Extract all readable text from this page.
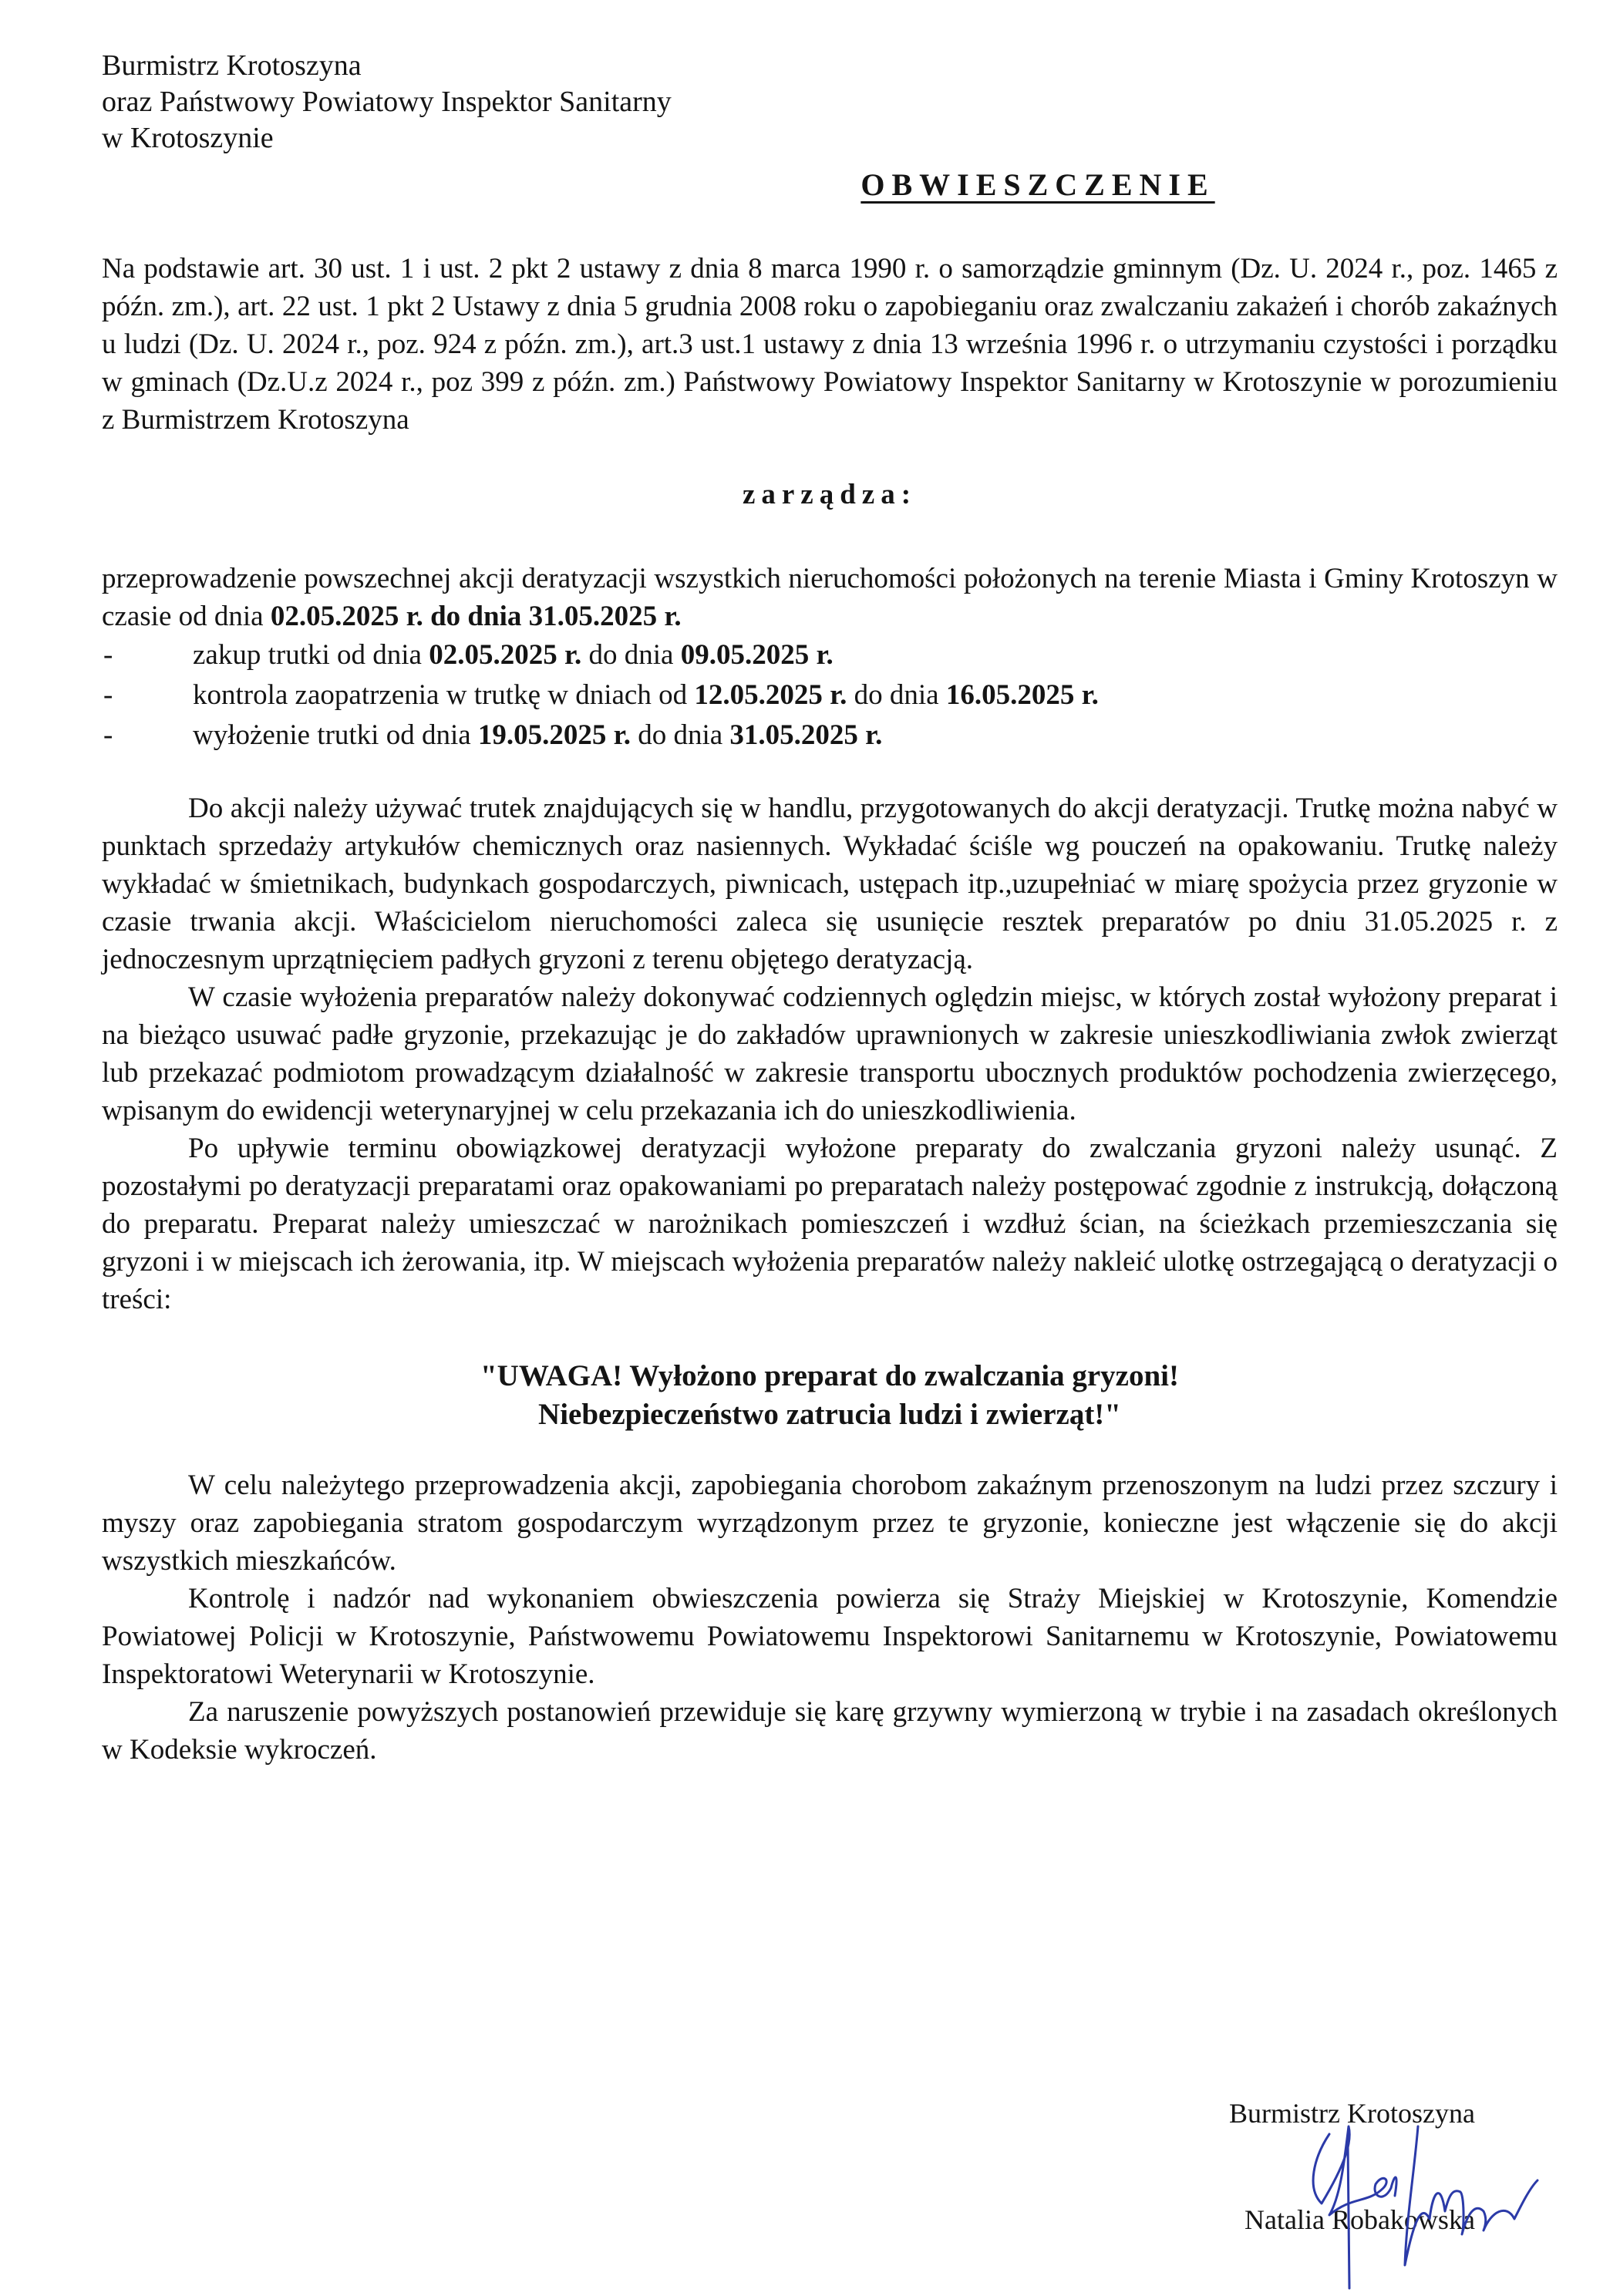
Burmistrz Krotoszyna
oraz Państwowy Powiatowy Inspektor Sanitarny
w Krotoszynie
OBWIESZCZENIE

Na podstawie art. 30 ust. 1 i ust. 2 pkt 2 ustawy z dnia 8 marca 1990 r. o samorządzie gminnym (Dz. U. 2024 r., poz. 1465 z późn. zm.), art. 22 ust. 1 pkt 2 Ustawy z dnia 5 grudnia 2008 roku o zapobieganiu oraz zwalczaniu zakażeń i chorób zakaźnych u ludzi (Dz. U. 2024 r., poz. 924 z późn. zm.), art.3 ust.1 ustawy z dnia 13 września 1996 r. o utrzymaniu czystości i porządku w gminach (Dz.U.z 2024 r., poz 399 z późn. zm.) Państwowy Powiatowy Inspektor Sanitarny w Krotoszynie w porozumieniu z Burmistrzem Krotoszyna

zarządza:

przeprowadzenie powszechnej akcji deratyzacji wszystkich nieruchomości położonych na terenie Miasta i Gminy Krotoszyn w czasie od dnia 02.05.2025 r. do dnia 31.05.2025 r.

-	zakup trutki od dnia 02.05.2025 r. do dnia 09.05.2025 r.
-	kontrola zaopatrzenia w trutkę w dniach od 12.05.2025 r. do dnia 16.05.2025 r.
-	wyłożenie trutki od dnia 19.05.2025 r. do dnia 31.05.2025 r.

Do akcji należy używać trutek znajdujących się w handlu, przygotowanych do akcji deratyzacji. Trutkę można nabyć w punktach sprzedaży artykułów chemicznych oraz nasiennych. Wykładać ściśle wg pouczeń na opakowaniu. Trutkę należy wykładać w śmietnikach, budynkach gospodarczych, piwnicach, ustępach itp.,uzupełniać w miarę spożycia przez gryzonie w czasie trwania akcji. Właścicielom nieruchomości zaleca się usunięcie resztek preparatów po dniu 31.05.2025 r. z jednoczesnym uprzątnięciem padłych gryzoni z terenu objętego deratyzacją.

W czasie wyłożenia preparatów należy dokonywać codziennych oględzin miejsc, w których został wyłożony preparat i na bieżąco usuwać padłe gryzonie, przekazując je do zakładów uprawnionych w zakresie unieszkodliwiania zwłok zwierząt lub przekazać podmiotom prowadzącym działalność w zakresie transportu ubocznych produktów pochodzenia zwierzęcego, wpisanym do ewidencji weterynaryjnej w celu przekazania ich do unieszkodliwienia.

Po upływie terminu obowiązkowej deratyzacji wyłożone preparaty do zwalczania gryzoni należy usunąć. Z pozostałymi po deratyzacji preparatami oraz opakowaniami po preparatach należy postępować zgodnie z instrukcją, dołączoną do preparatu. Preparat należy umieszczać w narożnikach pomieszczeń i wzdłuż ścian, na ścieżkach przemieszczania się gryzoni i w miejscach ich żerowania, itp. W miejscach wyłożenia preparatów należy nakleić ulotkę ostrzegającą o deratyzacji o treści:

"UWAGA! Wyłożono preparat do zwalczania gryzoni!
Niebezpieczeństwo zatrucia ludzi i zwierząt!"

W celu należytego przeprowadzenia akcji, zapobiegania chorobom zakaźnym przenoszonym na ludzi przez szczury i myszy oraz zapobiegania stratom gospodarczym wyrządzonym przez te gryzonie, konieczne jest włączenie się do akcji wszystkich mieszkańców.

Kontrolę i nadzór nad wykonaniem obwieszczenia powierza się Straży Miejskiej w Krotoszynie, Komendzie Powiatowej Policji w Krotoszynie, Państwowemu Powiatowemu Inspektorowi Sanitarnemu w Krotoszynie, Powiatowemu Inspektoratowi Weterynarii w Krotoszynie.

Za naruszenie powyższych postanowień przewiduje się karę grzywny wymierzoną w trybie i na zasadach określonych w Kodeksie wykroczeń.

Burmistrz Krotoszyna
Natalia Robakowska
